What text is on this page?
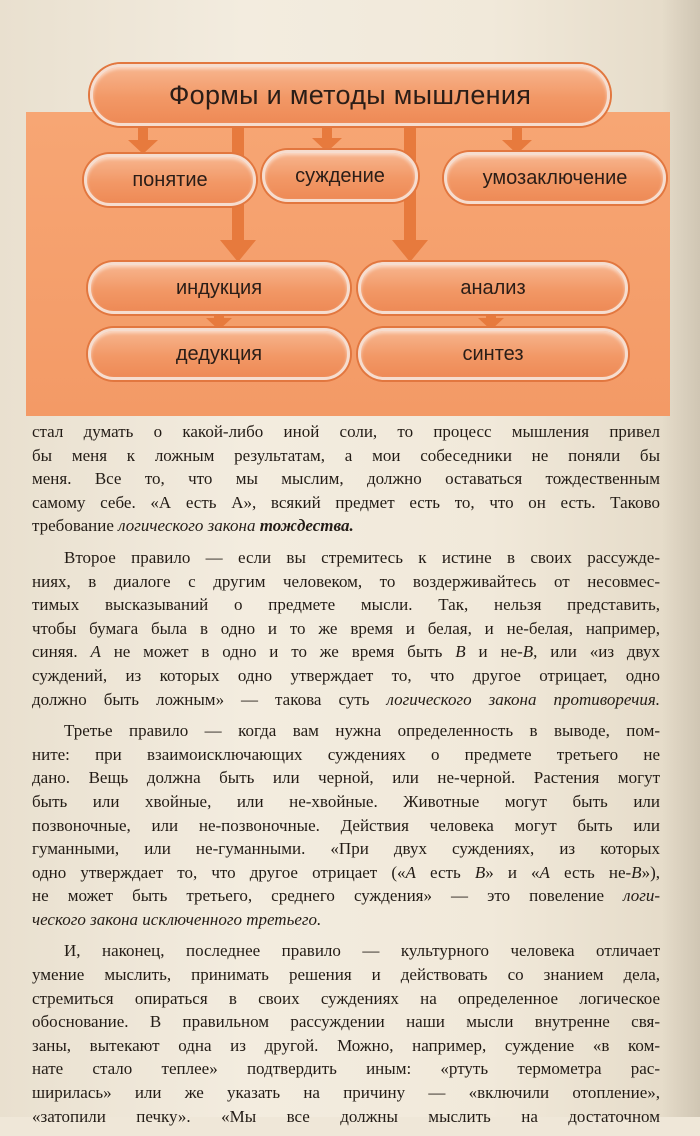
Формы и методы мышления
понятие	суждение	умозаключение
индукция
дедукция
анализ
синтез

стал думать о какой-либо иной соли, то процесс мышления привел
бы меня к ложным результатам, а мои собеседники не поняли бы
меня. Все то, что мы мыслим, должно оставаться тождественным
самому себе. «А есть А», всякий предмет есть то, что он есть. Таково
требование логического закона тождества.

Второе правило — если вы стремитесь к истине в своих рассужде-
ниях, в диалоге с другим человеком, то воздерживайтесь от несовмес-
тимых высказываний о предмете мысли. Так, нельзя представить,
чтобы бумага была в одно и то же время и белая, и не-белая, например,
синяя. А не может в одно и то же время быть В и не-В, или «из двух
суждений, из которых одно утверждает то, что другое отрицает, одно
должно быть ложным» — такова суть логического закона противоречия.

Третье правило — когда вам нужна определенность в выводе, пом-
ните: при взаимоисключающих суждениях о предмете третьего не
дано. Вещь должна быть или черной, или не-черной. Растения могут
быть или хвойные, или не-хвойные. Животные могут быть или
позвоночные, или не-позвоночные. Действия человека могут быть или
гуманными, или не-гуманными. «При двух суждениях, из которых
одно утверждает то, что другое отрицает («А есть В» и «А есть не-В»),
не может быть третьего, среднего суждения» — это повеление логи-
ческого закона исключенного третьего.

И, наконец, последнее правило — культурного человека отличает
умение мыслить, принимать решения и действовать со знанием дела,
стремиться опираться в своих суждениях на определенное логическое
обоснование. В правильном рассуждении наши мысли внутренне свя-
заны, вытекают одна из другой. Можно, например, суждение «в ком-
нате стало теплее» подтвердить иным: «ртуть термометра рас-
ширилась» или же указать на причину — «включили отопление»,
«затопили печку». «Мы все должны мыслить на достаточном
